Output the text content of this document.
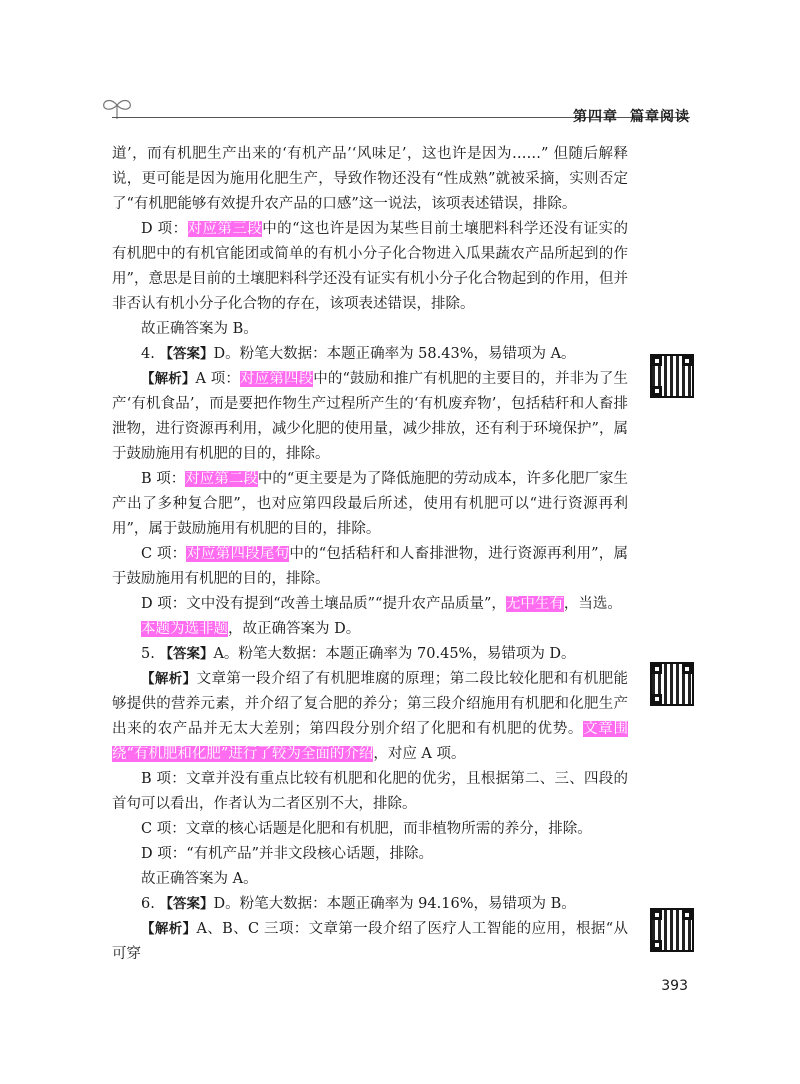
第四章 篇章阅读

道’，而有机肥生产出来的‘有机产品’‘风味足’，这也许是因为……” 但随后解释说，更可能是因为施用化肥生产，导致作物还没有“性成熟”就被采摘，实则否定了“有机肥能够有效提升农产品的口感”这一说法，该项表述错误，排除。

D 项：对应第三段中的“这也许是因为某些目前土壤肥料科学还没有证实的有机肥中的有机官能团或简单的有机小分子化合物进入瓜果蔬农产品所起到的作用”，意思是目前的土壤肥料科学还没有证实有机小分子化合物起到的作用，但并非否认有机小分子化合物的存在，该项表述错误，排除。

故正确答案为 B。

4. 【答案】D。粉笔大数据：本题正确率为 58.43%，易错项为 A。

【解析】A 项：对应第四段中的“鼓励和推广有机肥的主要目的，并非为了生产‘有机食品’，而是要把作物生产过程所产生的‘有机废弃物’，包括秸秆和人畜排泄物，进行资源再利用，减少化肥的使用量，减少排放，还有利于环境保护”，属于鼓励施用有机肥的目的，排除。

B 项：对应第二段中的“更主要是为了降低施肥的劳动成本，许多化肥厂家生产出了多种复合肥”，也对应第四段最后所述，使用有机肥可以“进行资源再利用”，属于鼓励施用有机肥的目的，排除。

C 项：对应第四段尾句中的“包括秸秆和人畜排泄物，进行资源再利用”，属于鼓励施用有机肥的目的，排除。

D 项：文中没有提到“改善土壤品质”“提升农产品质量”，无中生有，当选。

本题为选非题，故正确答案为 D。

5. 【答案】A。粉笔大数据：本题正确率为 70.45%，易错项为 D。

【解析】文章第一段介绍了有机肥堆腐的原理；第二段比较化肥和有机肥能够提供的营养元素，并介绍了复合肥的养分；第三段介绍施用有机肥和化肥生产出来的农产品并无太大差别；第四段分别介绍了化肥和有机肥的优势。文章围绕“有机肥和化肥”进行了较为全面的介绍，对应 A 项。

B 项：文章并没有重点比较有机肥和化肥的优劣，且根据第二、三、四段的首句可以看出，作者认为二者区别不大，排除。

C 项：文章的核心话题是化肥和有机肥，而非植物所需的养分，排除。

D 项：“有机产品”并非文段核心话题，排除。

故正确答案为 A。

6. 【答案】D。粉笔大数据：本题正确率为 94.16%，易错项为 B。

【解析】A、B、C 三项：文章第一段介绍了医疗人工智能的应用，根据“从可穿

393
